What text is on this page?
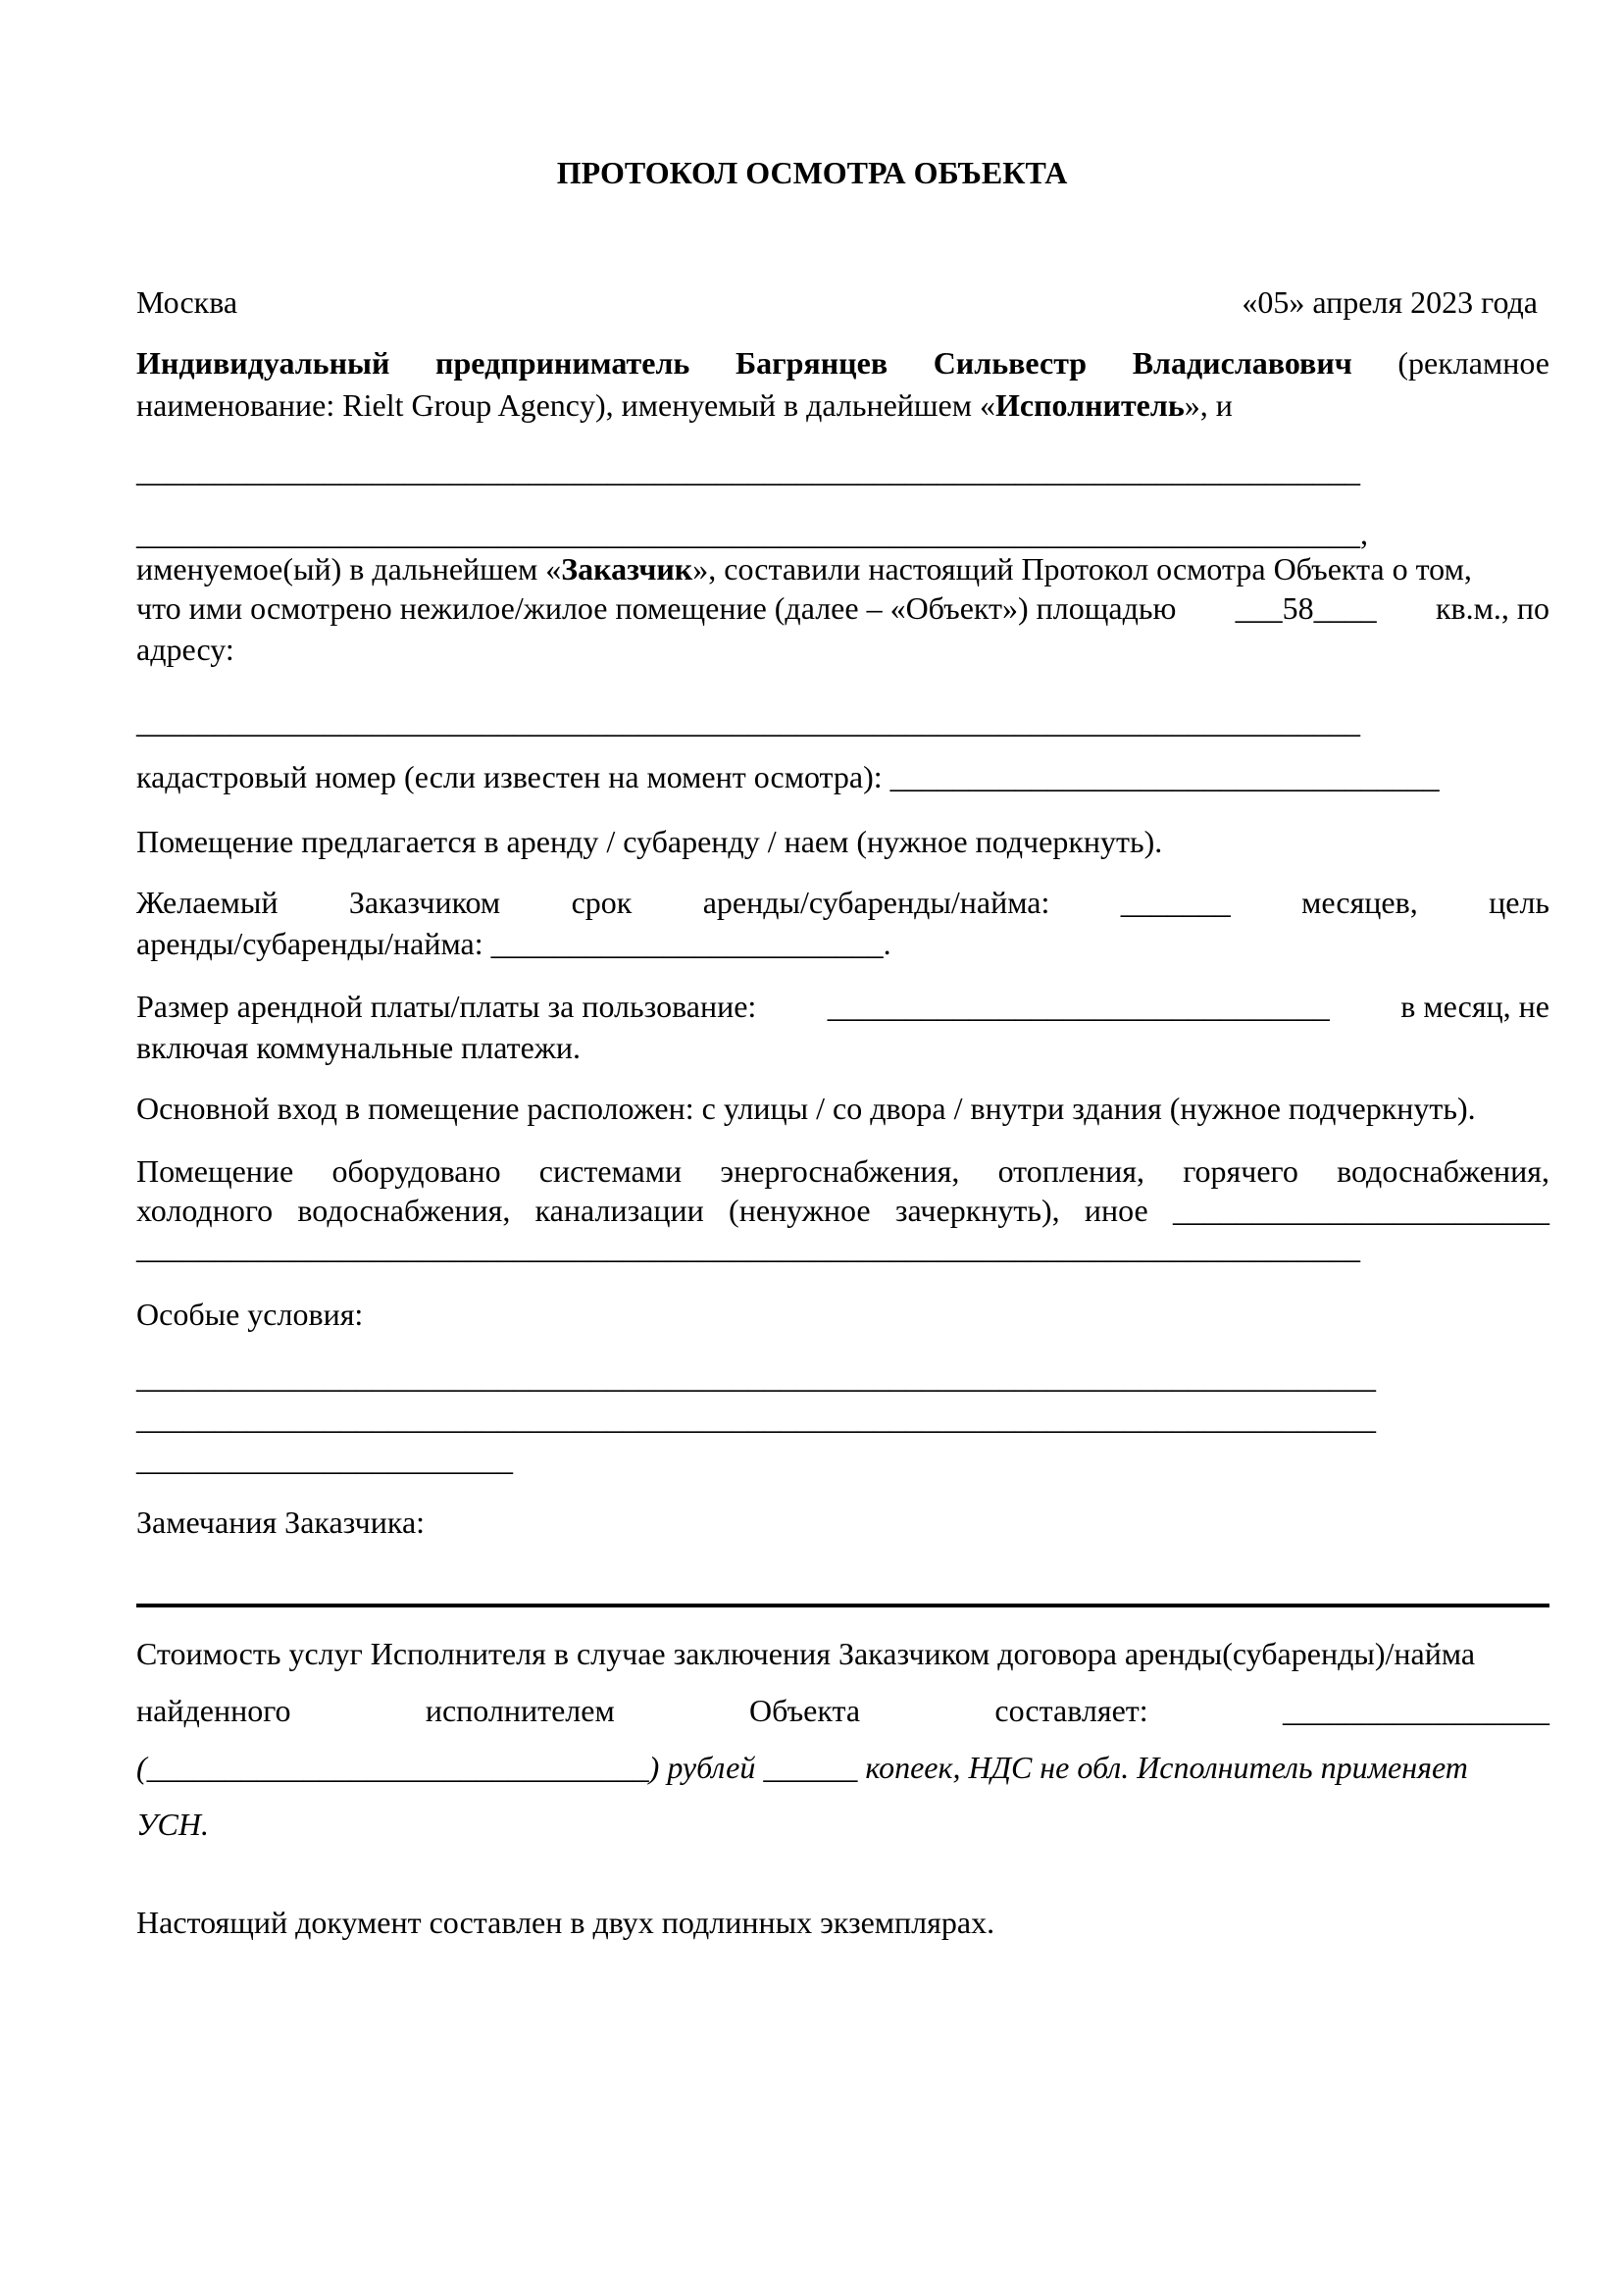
ПРОТОКОЛ ОСМОТРА ОБЪЕКТА
Москва	«05» апреля 2023 года
Индивидуальный предприниматель Багрянцев Сильвестр Владиславович (рекламное
наименование: Rielt Group Agency), именуемый в дальнейшем «Исполнитель», и
______________________________________________________________________________
______________________________________________________________________________,
именуемое(ый) в дальнейшем «Заказчик», составили настоящий Протокол осмотра Объекта о том,
что ими осмотрено нежилое/жилое помещение (далее – «Объект») площадью ___58____ кв.м., по
адресу:
______________________________________________________________________________
кадастровый номер (если известен на момент осмотра): ___________________________________
Помещение предлагается в аренду / субаренду / наем (нужное подчеркнуть).
Желаемый Заказчиком срок аренды/субаренды/найма: _______ месяцев, цель
аренды/субаренды/найма: _________________________.
Размер арендной платы/платы за пользование: ________________________________ в месяц, не
включая коммунальные платежи.
Основной вход в помещение расположен: с улицы / со двора / внутри здания (нужное подчеркнуть).
Помещение оборудовано системами энергоснабжения, отопления, горячего водоснабжения,
холодного водоснабжения, канализации (ненужное зачеркнуть), иное ________________________
______________________________________________________________________________
Особые условия:
_______________________________________________________________________________
_______________________________________________________________________________
________________________
Замечания Заказчика:
Стоимость услуг Исполнителя в случае заключения Заказчиком договора аренды(субаренды)/найма
найденного	исполнителем	Объекта	составляет:	_________________
(________________________________) рублей ______ копеек, НДС не обл. Исполнитель применяет
УСН.
Настоящий документ составлен в двух подлинных экземплярах.
